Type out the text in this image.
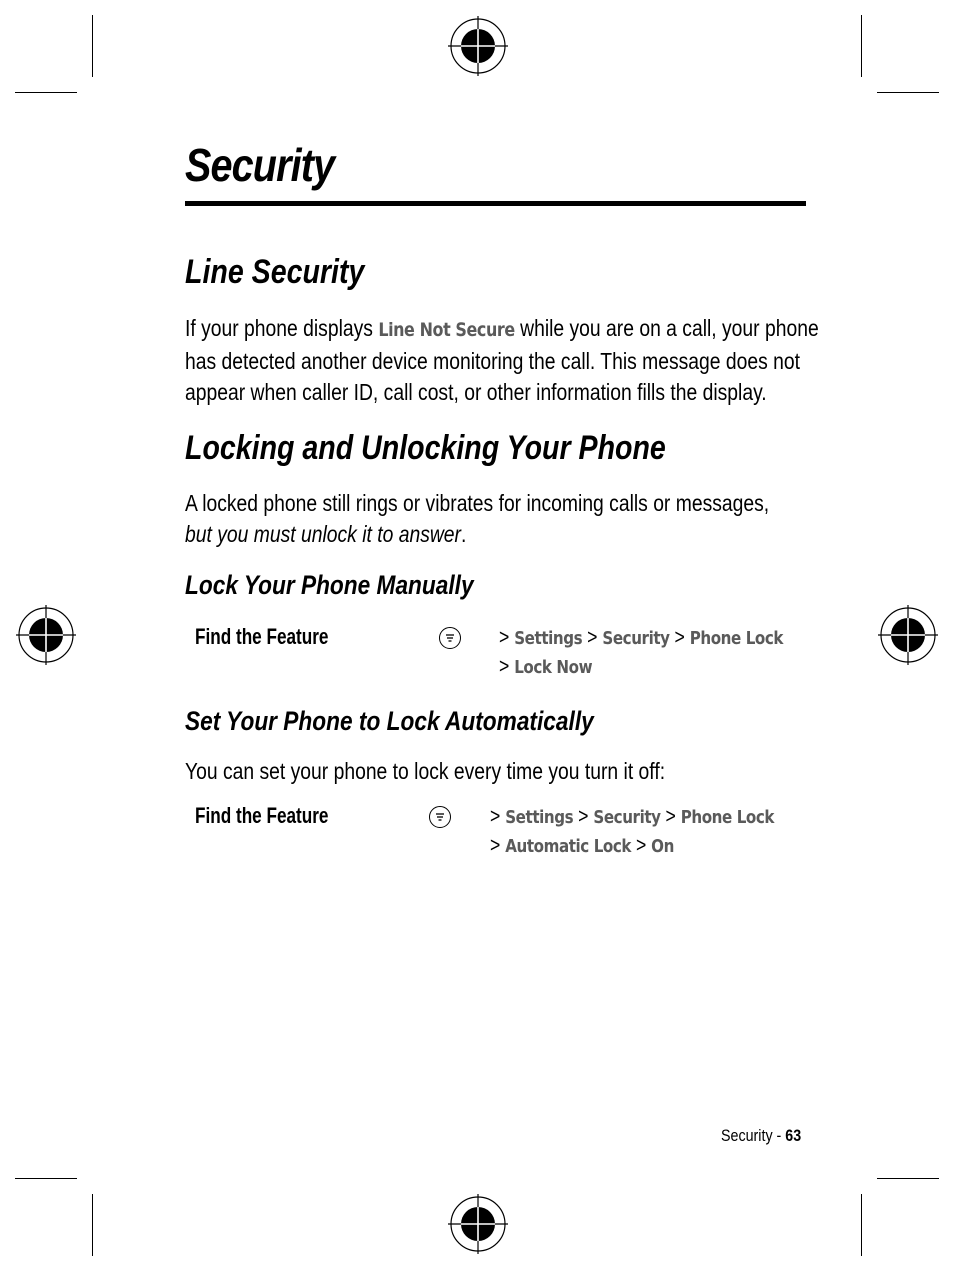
Security
Line Security
If your phone displays Line Not Secure while you are on a call, your phone
has detected another device monitoring the call. This message does not
appear when caller ID, call cost, or other information fills the display.
Locking and Unlocking Your Phone
A locked phone still rings or vibrates for incoming calls or messages,
but you must unlock it to answer.
Lock Your Phone Manually
Find the Feature	> Settings > Security > Phone Lock
> Lock Now
Set Your Phone to Lock Automatically
You can set your phone to lock every time you turn it off:
Find the Feature	> Settings > Security > Phone Lock
> Automatic Lock > On
Security - 63
